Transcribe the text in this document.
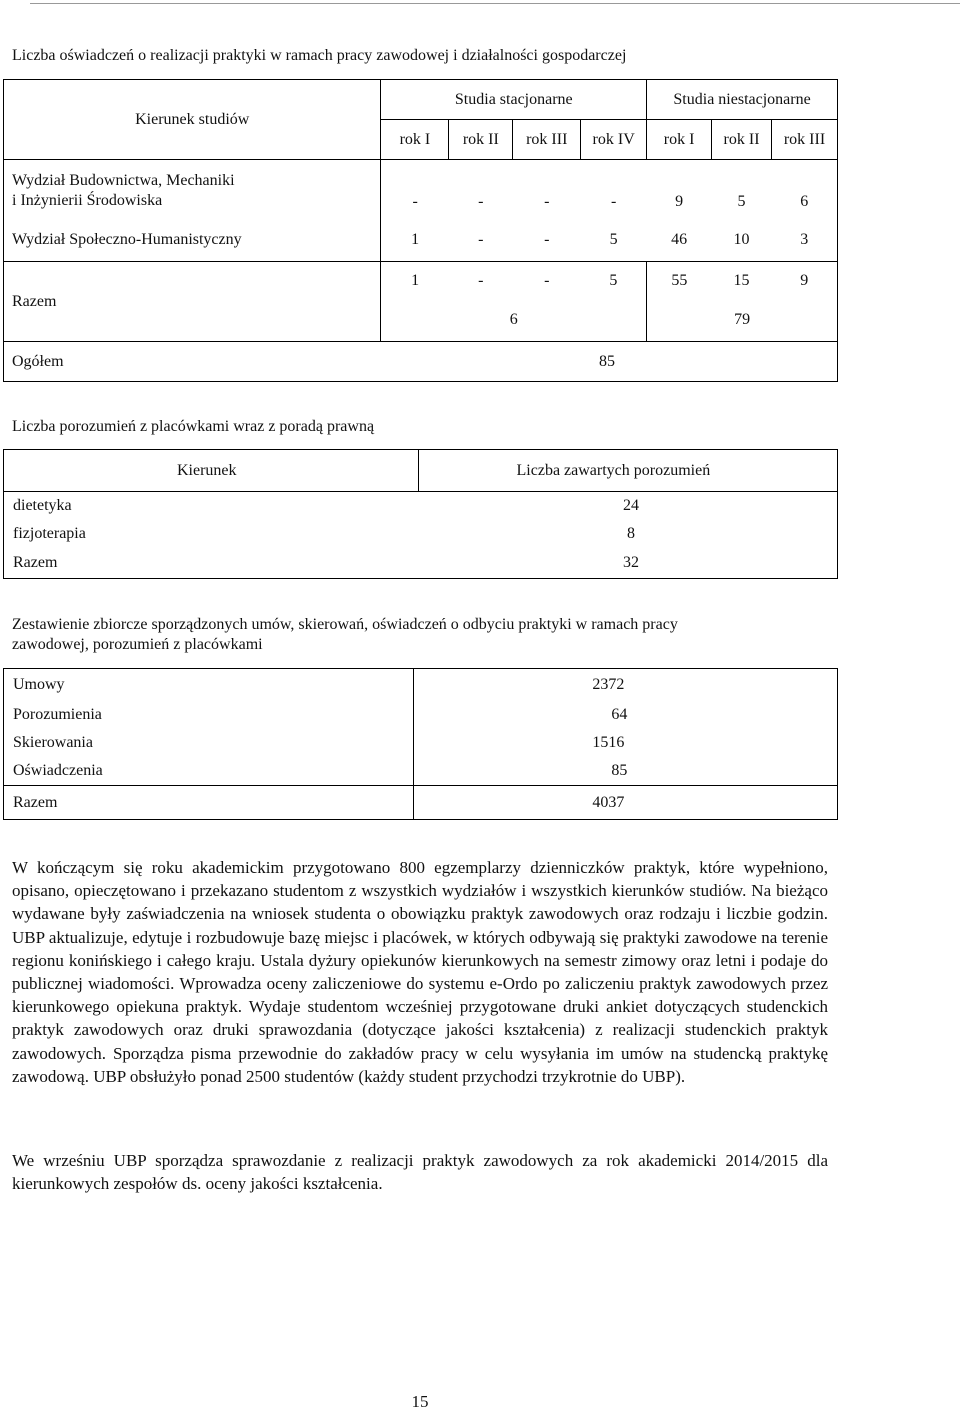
Liczba oświadczeń o realizacji praktyki w ramach pracy zawodowej i działalności gospodarczej
Kierunek studiów	Studia stacjonarne				Studia niestacjonarne		
	rok I	rok II	rok III	rok IV	rok I	rok II	rok III
Wydział Budownictwa, Mechaniki
i Inżynierii Środowiska	-	-	-	-	9	5	6
Wydział Społeczno-Humanistyczny	1	-	-	5	46	10	3
Razem	1	-	-	5	55	15	9
	6				79		
Ogółem	85						
Liczba porozumień z placówkami wraz z poradą prawną
Kierunek	Liczba zawartych porozumień
dietetyka	24
fizjoterapia	8
Razem	32
Zestawienie zbiorcze sporządzonych umów, skierowań, oświadczeń o odbyciu praktyki w ramach pracy
zawodowej, porozumień z placówkami
Umowy	2372
Porozumienia	64
Skierowania	1516
Oświadczenia	85
Razem	4037
W kończącym się roku akademickim przygotowano 800 egzemplarzy dzienniczków praktyk, które wypełniono, opisano, opieczętowano i przekazano studentom z wszystkich wydziałów i wszystkich kierunków studiów. Na bieżąco wydawane były zaświadczenia na wniosek studenta o obowiązku praktyk zawodowych oraz rodzaju i liczbie godzin. UBP aktualizuje, edytuje i rozbudowuje bazę miejsc i placówek, w których odbywają się praktyki zawodowe na terenie regionu konińskiego i całego kraju. Ustala dyżury opiekunów kierunkowych na semestr zimowy oraz letni i podaje do publicznej wiadomości. Wprowadza oceny zaliczeniowe do systemu e-Ordo po zaliczeniu praktyk zawodowych przez kierunkowego opiekuna praktyk. Wydaje studentom wcześniej przygotowane druki ankiet dotyczących studenckich praktyk zawodowych oraz druki sprawozdania (dotyczące jakości kształcenia) z realizacji studenckich praktyk zawodowych. Sporządza pisma przewodnie do zakładów pracy w celu wysyłania im umów na studencką praktykę zawodową. UBP obsłużyło ponad 2500 studentów (każdy student przychodzi trzykrotnie do UBP).
We wrześniu UBP sporządza sprawozdanie z realizacji praktyk zawodowych za rok akademicki 2014/2015 dla kierunkowych zespołów ds. oceny jakości kształcenia.
15
